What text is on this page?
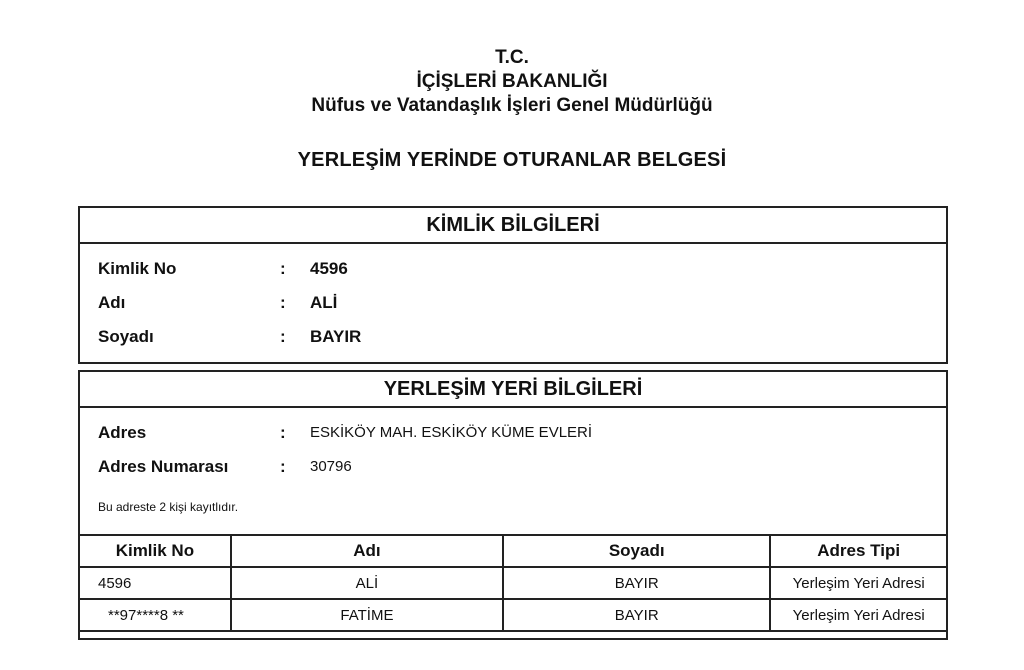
T.C.
İÇİŞLERİ BAKANLIĞI
Nüfus ve Vatandaşlık İşleri Genel Müdürlüğü
YERLEŞİM YERİNDE OTURANLAR BELGESİ
KİMLİK BİLGİLERİ
Kimlik No	: 4596
Adı	: ALİ
Soyadı	: BAYIR
YERLEŞİM YERİ BİLGİLERİ
Adres	: ESKİKÖY MAH. ESKİKÖY KÜME EVLERİ
Adres Numarası	: 30796
Bu adreste 2 kişi kayıtlıdır.
Kimlik No	Adı	Soyadı	Adres Tipi
4596	ALİ	BAYIR	Yerleşim Yeri Adresi
**97****8 **	FATİME	BAYIR	Yerleşim Yeri Adresi
